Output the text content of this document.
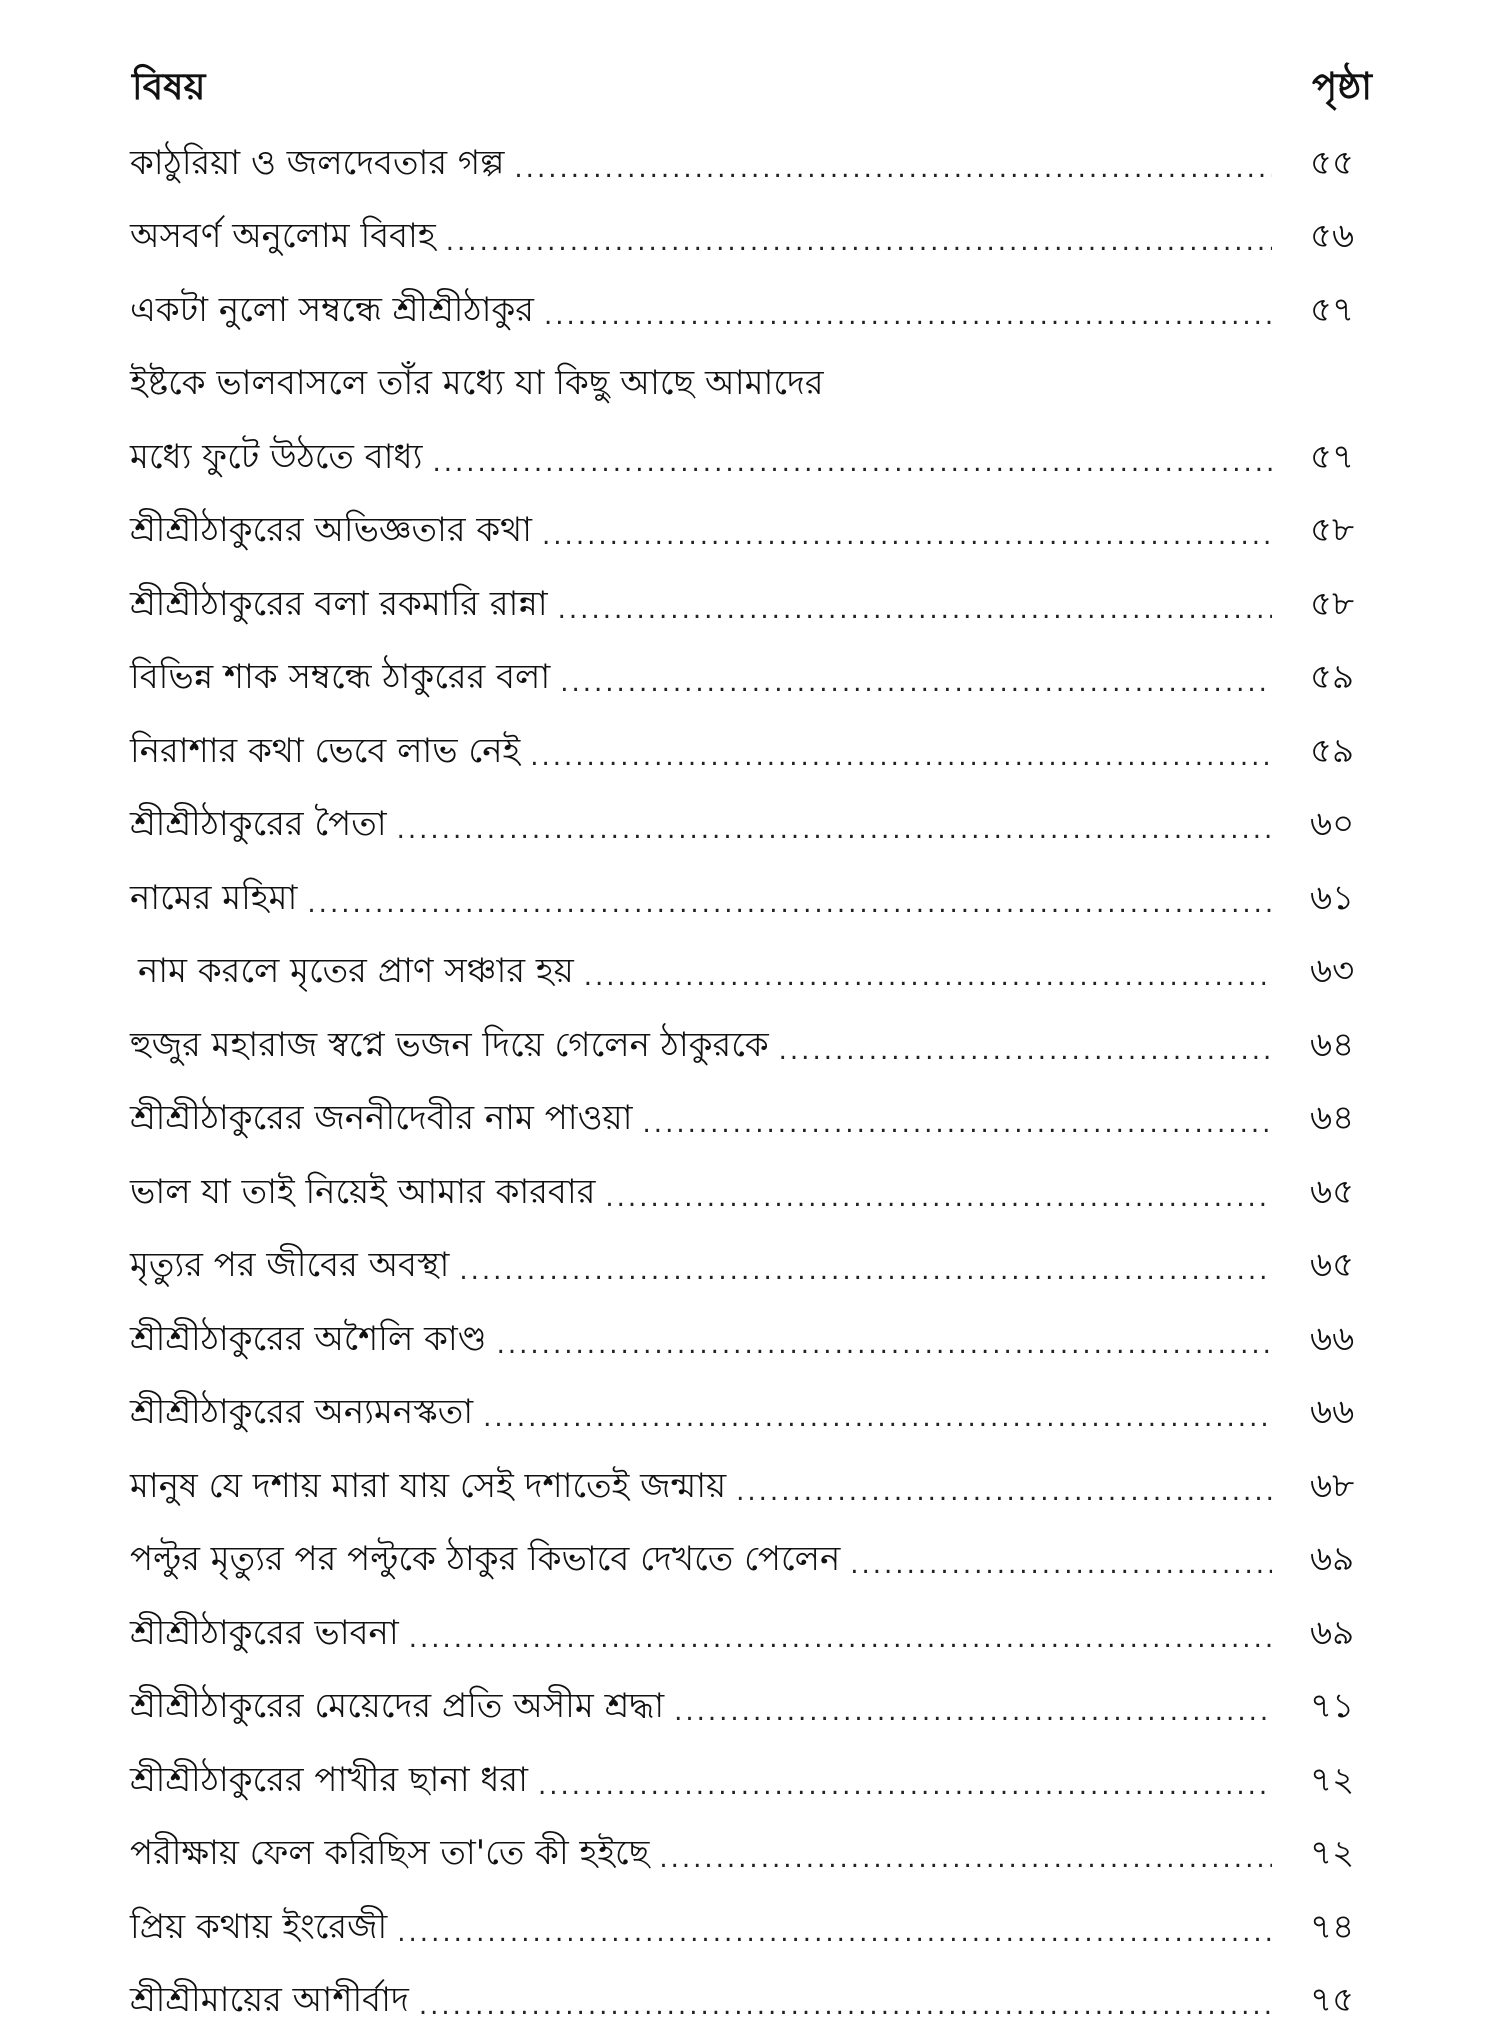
বিষয়	পৃষ্ঠা
কাঠুরিয়া ও জলদেবতার গল্প .....	৫৫
অসবর্ণ অনুলোম বিবাহ .....	৫৬
একটা নুলো সম্বন্ধে শ্রীশ্রীঠাকুর .....	৫৭
ইষ্টকে ভালবাসলে তাঁর মধ্যে যা কিছু আছে আমাদের
মধ্যে ফুটে উঠতে বাধ্য .....	৫৭
শ্রীশ্রীঠাকুরের অভিজ্ঞতার কথা .....	৫৮
শ্রীশ্রীঠাকুরের বলা রকমারি রান্না .....	৫৮
বিভিন্ন শাক সম্বন্ধে ঠাকুরের বলা .....	৫৯
নিরাশার কথা ভেবে লাভ নেই .....	৫৯
শ্রীশ্রীঠাকুরের পৈতা .....	৬০
নামের মহিমা .....	৬১
নাম করলে মৃতের প্রাণ সঞ্চার হয় .....	৬৩
হুজুর মহারাজ স্বপ্নে ভজন দিয়ে গেলেন ঠাকুরকে .....	৬৪
শ্রীশ্রীঠাকুরের জননীদেবীর নাম পাওয়া .....	৬৪
ভাল যা তাই নিয়েই আমার কারবার .....	৬৫
মৃত্যুর পর জীবের অবস্থা .....	৬৫
শ্রীশ্রীঠাকুরের অশৈলি কাণ্ড .....	৬৬
শ্রীশ্রীঠাকুরের অন্যমনস্কতা .....	৬৬
মানুষ যে দশায় মারা যায় সেই দশাতেই জন্মায় .....	৬৮
পল্টুর মৃত্যুর পর পল্টুকে ঠাকুর কিভাবে দেখতে পেলেন .....	৬৯
শ্রীশ্রীঠাকুরের ভাবনা .....	৬৯
শ্রীশ্রীঠাকুরের মেয়েদের প্রতি অসীম শ্রদ্ধা .....	৭১
শ্রীশ্রীঠাকুরের পাখীর ছানা ধরা .....	৭২
পরীক্ষায় ফেল করিছিস তা'তে কী হইছে .....	৭২
প্রিয় কথায় ইংরেজী .....	৭৪
শ্রীশ্রীমায়ের আশীর্বাদ .....	৭৫
